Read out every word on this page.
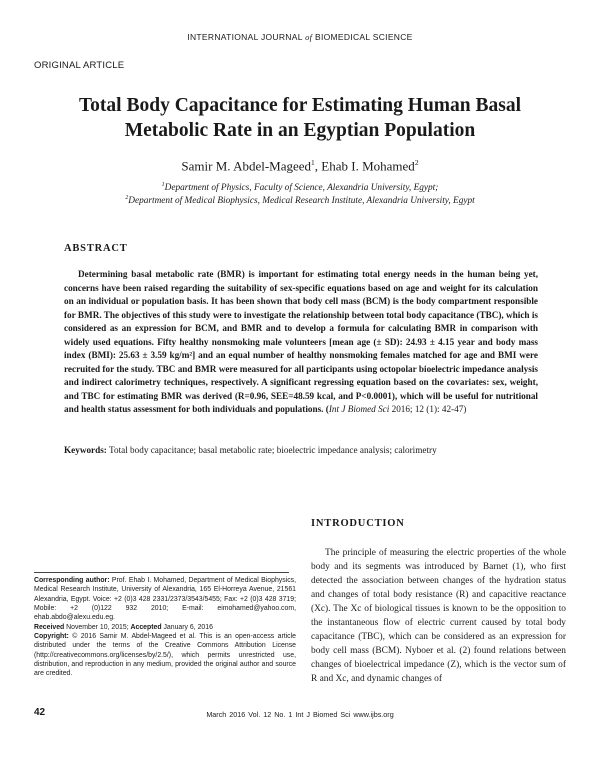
INTERNATIONAL JOURNAL of BIOMEDICAL SCIENCE
ORIGINAL ARTICLE
Total Body Capacitance for Estimating Human Basal
Metabolic Rate in an Egyptian Population
Samir M. Abdel-Mageed$^1$, Ehab I. Mohamed$^2$
$^1$Department of Physics, Faculty of Science, Alexandria University, Egypt;
$^2$Department of Medical Biophysics, Medical Research Institute, Alexandria University, Egypt
ABSTRACT
Determining basal metabolic rate (BMR) is important for estimating total energy needs in the human being yet, concerns have been raised regarding the suitability of sex-specific equations based on age and weight for its calculation on an individual or population basis. It has been shown that body cell mass (BCM) is the body compartment responsible for BMR. The objectives of this study were to investigate the relationship between total body capacitance (TBC), which is considered as an expression for BCM, and BMR and to develop a formula for calculating BMR in comparison with widely used equations. Fifty healthy nonsmoking male volunteers [mean age (± SD): 24.93 ± 4.15 year and body mass index (BMI): 25.63 ± 3.59 kg/m²] and an equal number of healthy nonsmoking females matched for age and BMI were recruited for the study. TBC and BMR were measured for all participants using octopolar bioelectric impedance analysis and indirect calorimetry techniques, respectively. A significant regressing equation based on the covariates: sex, weight, and TBC for estimating BMR was derived (R=0.96, SEE=48.59 kcal, and P<0.0001), which will be useful for nutritional and health status assessment for both individuals and populations. (Int J Biomed Sci 2016; 12 (1): 42-47)
Keywords: Total body capacitance; basal metabolic rate; bioelectric impedance analysis; calorimetry
INTRODUCTION
The principle of measuring the electric properties of the whole body and its segments was introduced by Barnet (1), who first detected the association between changes of the hydration status and changes of total body resistance (R) and capacitive reactance (Xc). The Xc of biological tissues is known to be the opposition to the instantaneous flow of electric current caused by total body capacitance (TBC), which can be considered as an expression for body cell mass (BCM). Nyboer et al. (2) found relations between changes of bioelectrical impedance (Z), which is the vector sum of R and Xc, and dynamic changes of
Corresponding author: Prof. Ehab I. Mohamed, Department of Medical Biophysics, Medical Research Institute, University of Alexandria, 165 El-Horreya Avenue, 21561 Alexandria, Egypt. Voice: +2 (0)3 428 2331/2373/3543/5455; Fax: +2 (0)3 428 3719; Mobile: +2 (0)122 932 2010; E-mail: eimohamed@yahoo.com, ehab.abdo@alexu.edu.eg.
Received November 10, 2015; Accepted January 6, 2016
Copyright: © 2016 Samir M. Abdel-Mageed et al. This is an open-access article distributed under the terms of the Creative Commons Attribution License (http://creativecommons.org/licenses/by/2.5/), which permits unrestricted use, distribution, and reproduction in any medium, provided the original author and source are credited.
42	March 2016 Vol. 12 No. 1 Int J Biomed Sci www.ijbs.org
